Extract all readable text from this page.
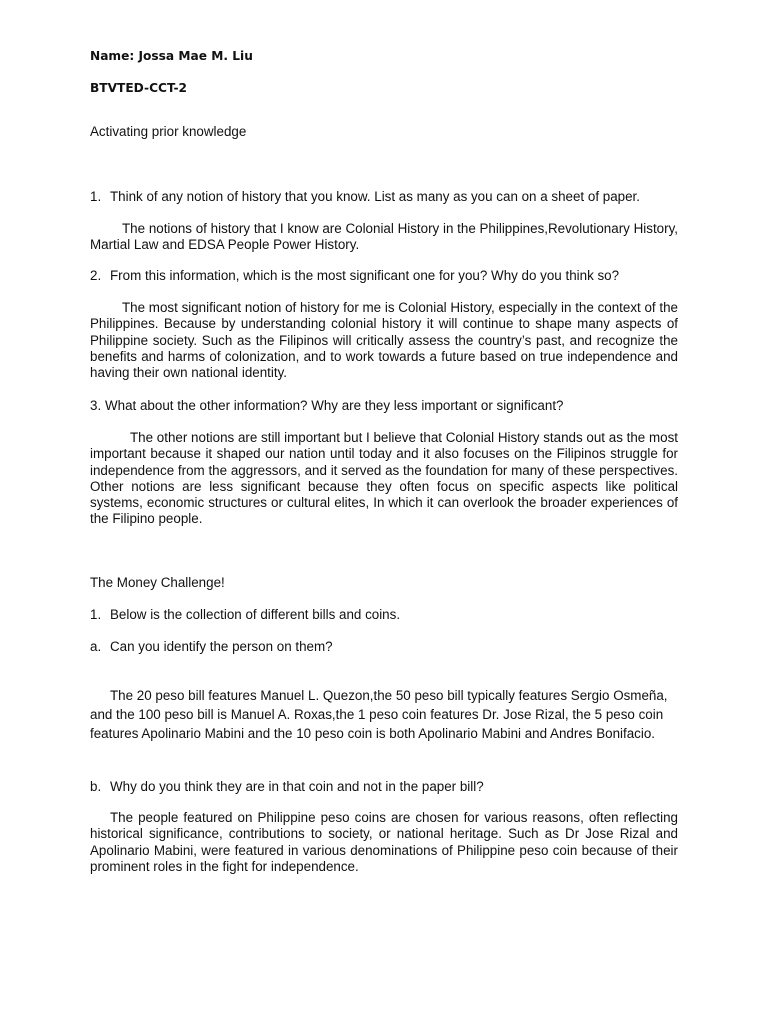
Name: Jossa Mae M. Liu

BTVTED-CCT-2

Activating prior knowledge

1. Think of any notion of history that you know. List as many as you can on a sheet of paper.

The notions of history that I know are Colonial History in the Philippines,Revolutionary History, Martial Law and EDSA People Power History.

2. From this information, which is the most significant one for you? Why do you think so?

The most significant notion of history for me is Colonial History, especially in the context of the Philippines. Because by understanding colonial history it will continue to shape many aspects of Philippine society. Such as the Filipinos will critically assess the country’s past, and recognize the benefits and harms of colonization, and to work towards a future based on true independence and having their own national identity.

3. What about the other information? Why are they less important or significant?

The other notions are still important but I believe that Colonial History stands out as the most important because it shaped our nation until today and it also focuses on the Filipinos struggle for independence from the aggressors, and it served as the foundation for many of these perspectives. Other notions are less significant because they often focus on specific aspects like political systems, economic structures or cultural elites, In which it can overlook the broader experiences of the Filipino people.

The Money Challenge!

1. Below is the collection of different bills and coins.

a. Can you identify the person on them?

The 20 peso bill features Manuel L. Quezon,the 50 peso bill typically features Sergio Osmeña, and the 100 peso bill is Manuel A. Roxas,the 1 peso coin features Dr. Jose Rizal, the 5 peso coin features Apolinario Mabini and the 10 peso coin is both Apolinario Mabini and Andres Bonifacio.

b. Why do you think they are in that coin and not in the paper bill?

The people featured on Philippine peso coins are chosen for various reasons, often reflecting historical significance, contributions to society, or national heritage. Such as Dr Jose Rizal and Apolinario Mabini, were featured in various denominations of Philippine peso coin because of their prominent roles in the fight for independence.
